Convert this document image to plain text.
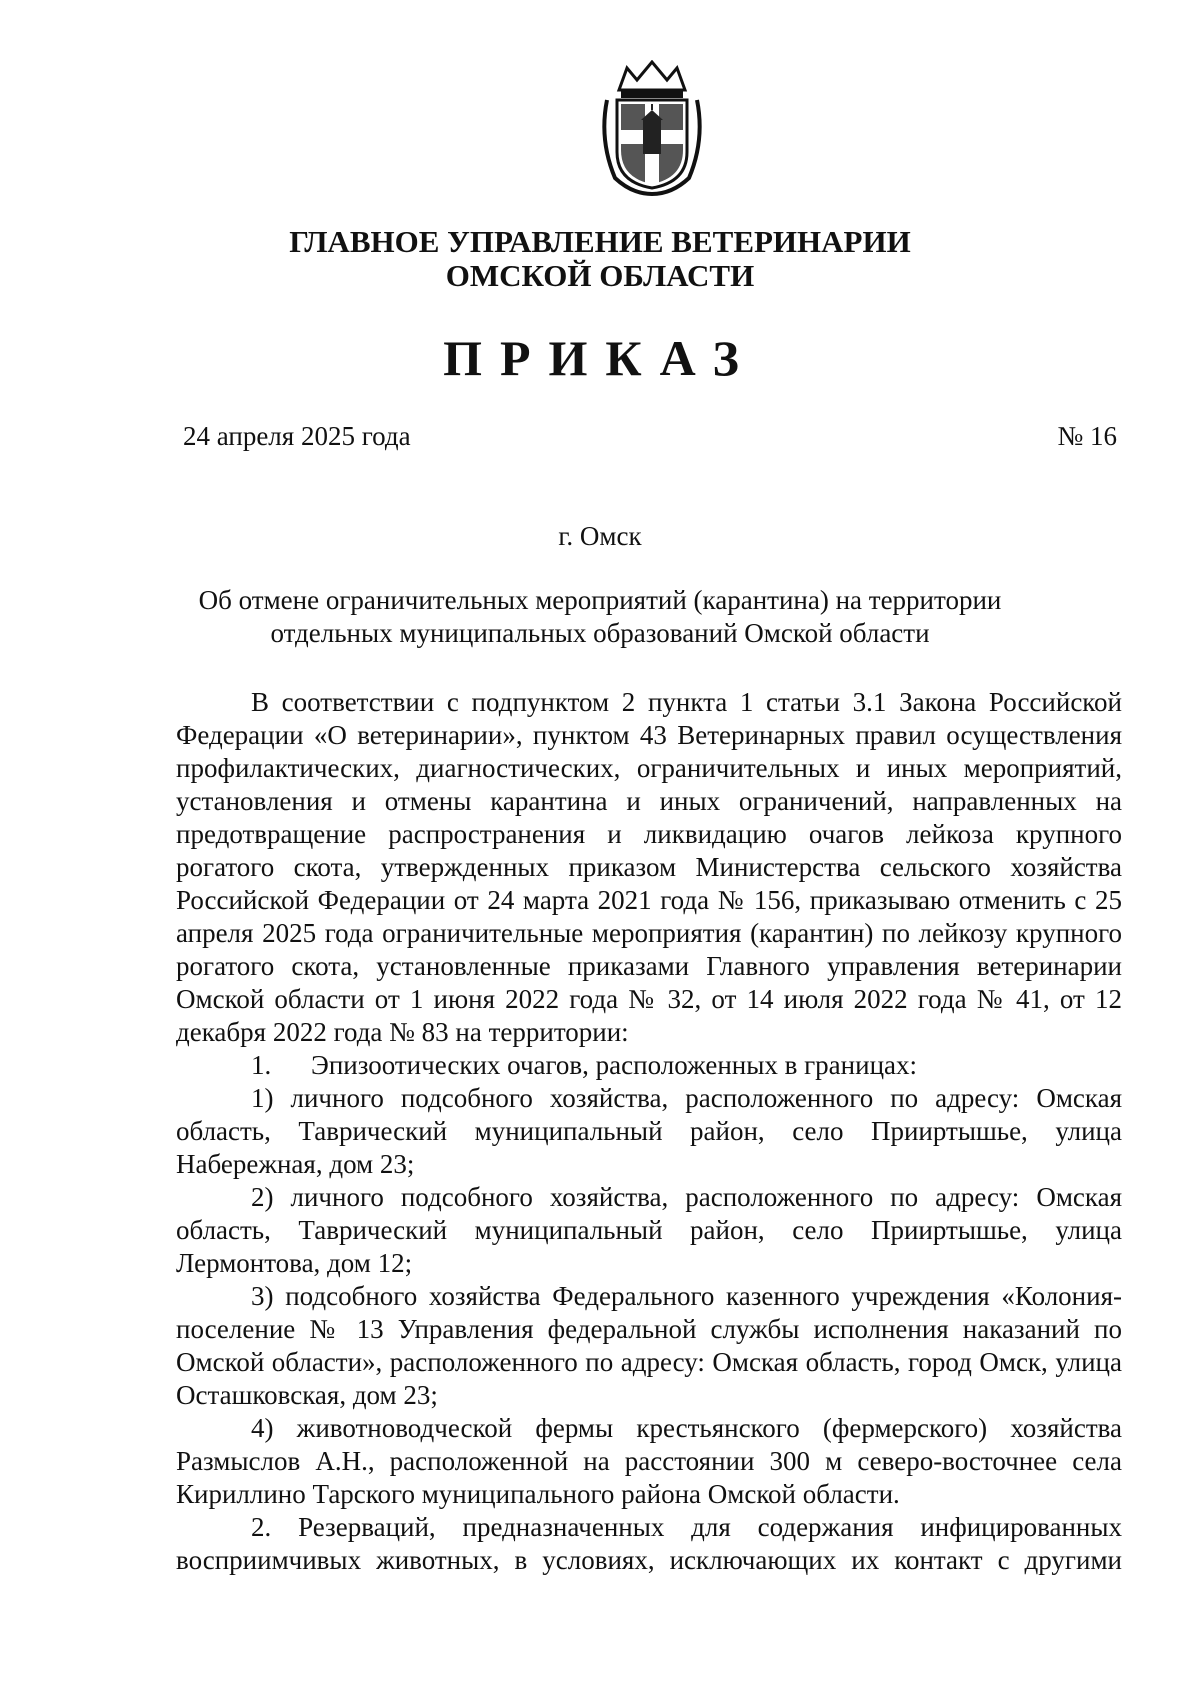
ГЛАВНОЕ УПРАВЛЕНИЕ ВЕТЕРИНАРИИ
ОМСКОЙ ОБЛАСТИ
ПРИКАЗ
24 апреля 2025 года	№ 16
г. Омск
Об отмене ограничительных мероприятий (карантина) на территории
отдельных муниципальных образований Омской области

В соответствии с подпунктом 2 пункта 1 статьи 3.1 Закона Российской Федерации «О ветеринарии», пунктом 43 Ветеринарных правил осуществления профилактических, диагностических, ограничительных и иных мероприятий, установления и отмены карантина и иных ограничений, направленных на предотвращение распространения и ликвидацию очагов лейкоза крупного рогатого скота, утвержденных приказом Министерства сельского хозяйства Российской Федерации от 24 марта 2021 года № 156, приказываю отменить с 25 апреля 2025 года ограничительные мероприятия (карантин) по лейкозу крупного рогатого скота, установленные приказами Главного управления ветеринарии Омской области от 1 июня 2022 года № 32, от 14 июля 2022 года № 41, от 12 декабря 2022 года № 83 на территории:

1. Эпизоотических очагов, расположенных в границах:

1) личного подсобного хозяйства, расположенного по адресу: Омская область, Таврический муниципальный район, село Прииртышье, улица Набережная, дом 23;

2) личного подсобного хозяйства, расположенного по адресу: Омская область, Таврический муниципальный район, село Прииртышье, улица Лермонтова, дом 12;

3) подсобного хозяйства Федерального казенного учреждения «Колония-поселение № 13 Управления федеральной службы исполнения наказаний по Омской области», расположенного по адресу: Омская область, город Омск, улица Осташковская, дом 23;

4) животноводческой фермы крестьянского (фермерского) хозяйства Размыслов А.Н., расположенной на расстоянии 300 м северо-восточнее села Кириллино Тарского муниципального района Омской области.

2. Резерваций, предназначенных для содержания инфицированных восприимчивых животных, в условиях, исключающих их контакт с другими
